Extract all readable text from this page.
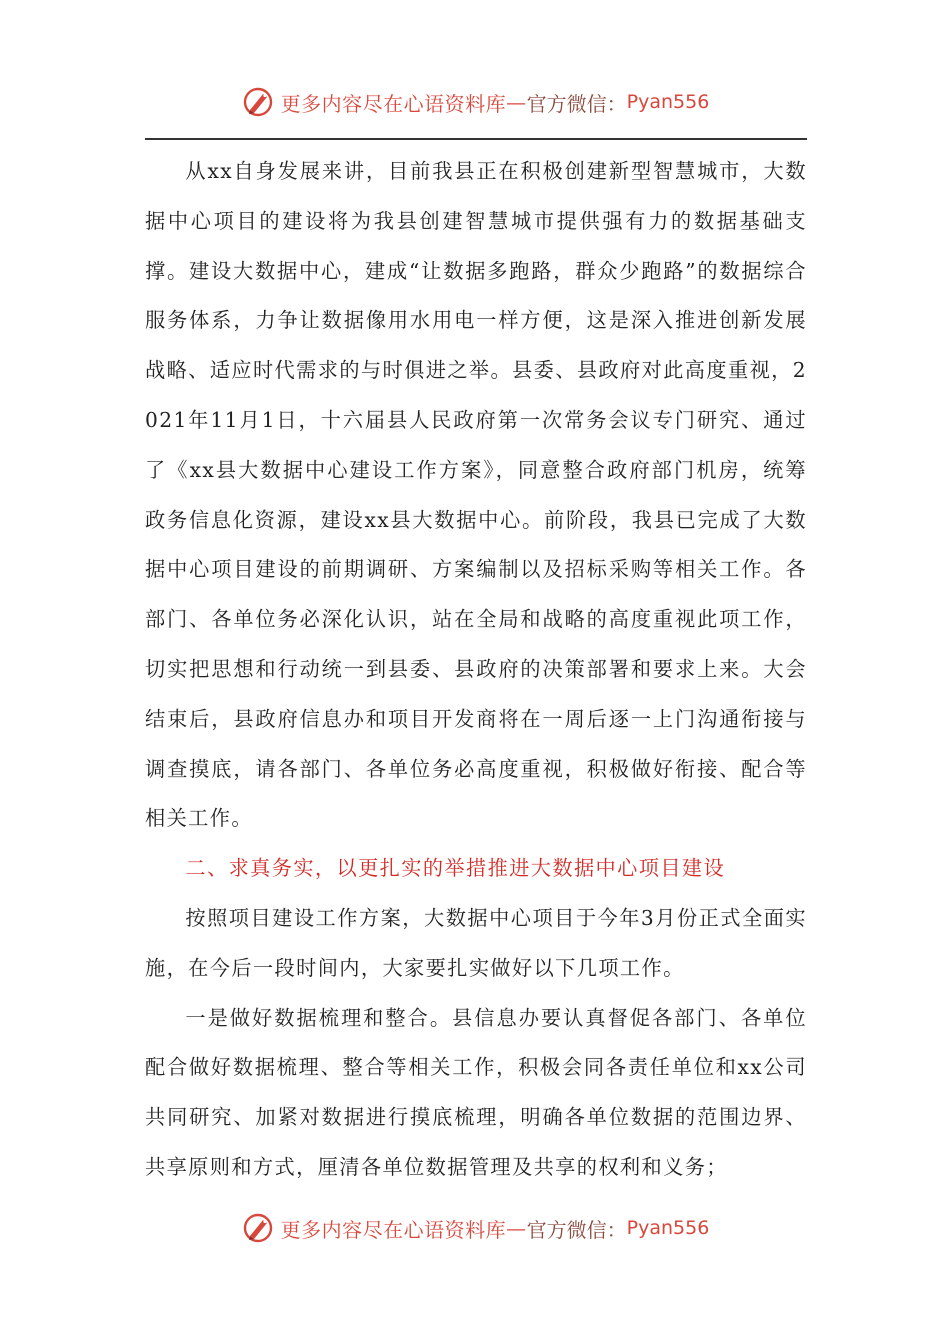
更多内容尽在心语资料库 — 官方微信： Pyan556

从xx自身发展来讲，目前我县正在积极创建新型智慧城市，大数据中心项目的建设将为我县创建智慧城市提供强有力的数据基础支撑。建设大数据中心，建成“让数据多跑路，群众少跑路”的数据综合服务体系，力争让数据像用水用电一样方便，这是深入推进创新发展战略、适应时代需求的与时俱进之举。县委、县政府对此高度重视，2021年11月1日，十六届县人民政府第一次常务会议专门研究、通过了《xx县大数据中心建设工作方案》，同意整合政府部门机房，统筹政务信息化资源，建设xx县大数据中心。前阶段，我县已完成了大数据中心项目建设的前期调研、方案编制以及招标采购等相关工作。各部门、各单位务必深化认识，站在全局和战略的高度重视此项工作，切实把思想和行动统一到县委、县政府的决策部署和要求上来。大会结束后，县政府信息办和项目开发商将在一周后逐一上门沟通衔接与调查摸底，请各部门、各单位务必高度重视，积极做好衔接、配合等相关工作。

二、求真务实，以更扎实的举措推进大数据中心项目建设

按照项目建设工作方案，大数据中心项目于今年3月份正式全面实施，在今后一段时间内，大家要扎实做好以下几项工作。

一是做好数据梳理和整合。县信息办要认真督促各部门、各单位配合做好数据梳理、整合等相关工作，积极会同各责任单位和xx公司共同研究、加紧对数据进行摸底梳理，明确各单位数据的范围边界、共享原则和方式，厘清各单位数据管理及共享的权利和义务；

更多内容尽在心语资料库 — 官方微信： Pyan556
